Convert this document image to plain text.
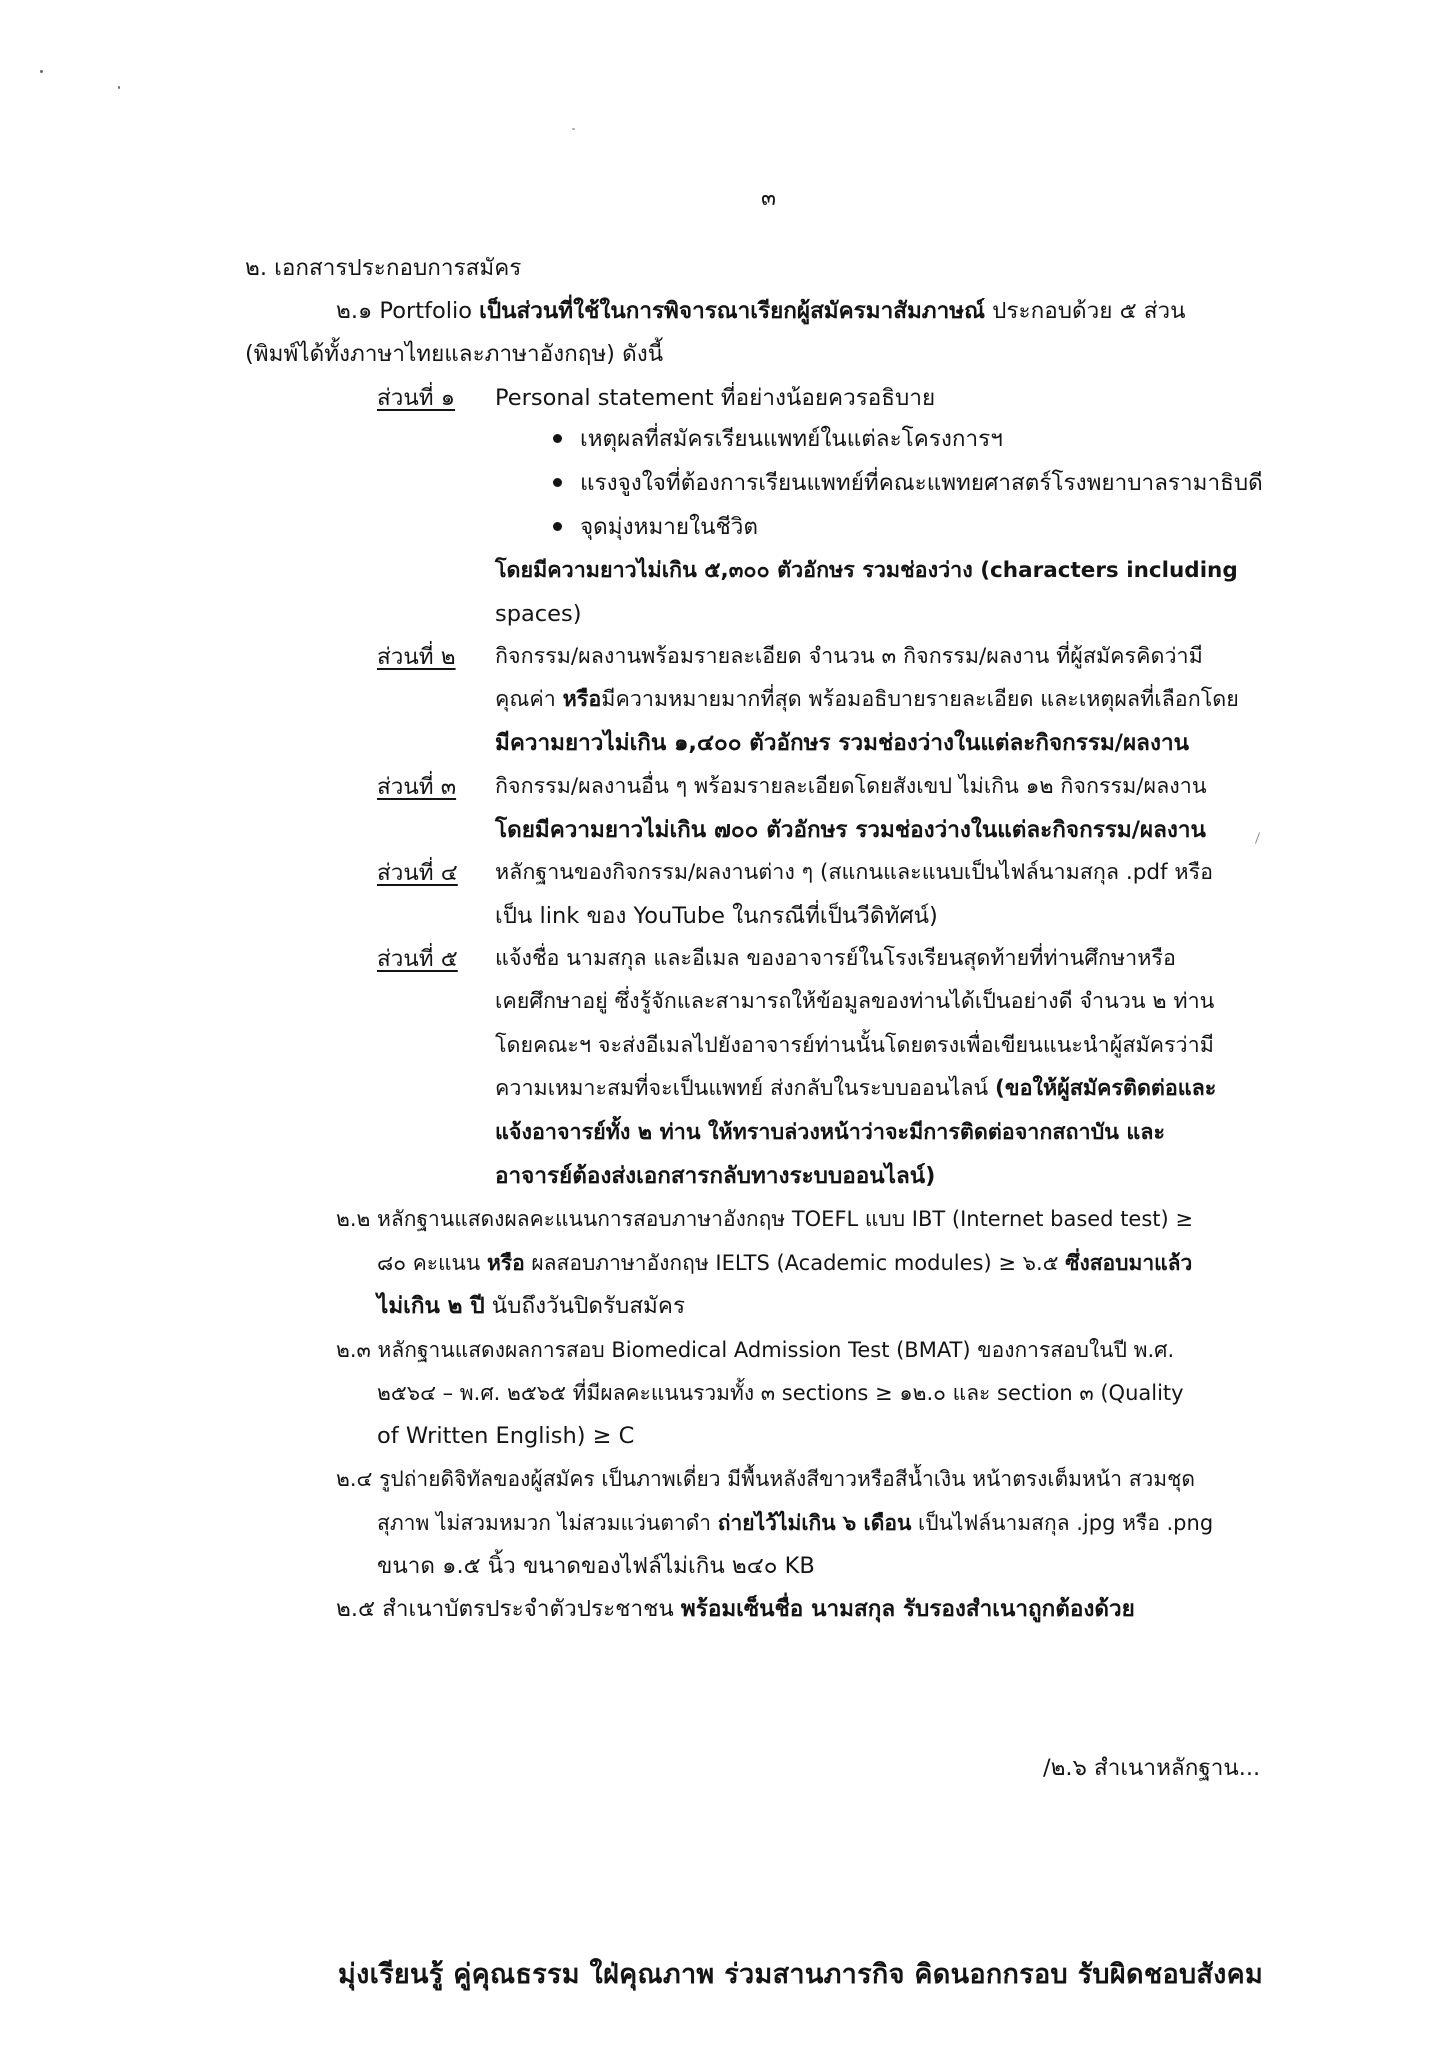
๓
๒. เอกสารประกอบการสมัคร
๒.๑ Portfolio เป็นส่วนที่ใช้ในการพิจารณาเรียกผู้สมัครมาสัมภาษณ์ ประกอบด้วย ๕ ส่วน
(พิมพ์ได้ทั้งภาษาไทยและภาษาอังกฤษ) ดังนี้
ส่วนที่ ๑ Personal statement ที่อย่างน้อยควรอธิบาย
เหตุผลที่สมัครเรียนแพทย์ในแต่ละโครงการฯ
แรงจูงใจที่ต้องการเรียนแพทย์ที่คณะแพทยศาสตร์โรงพยาบาลรามาธิบดี
จุดมุ่งหมายในชีวิต
โดยมีความยาวไม่เกิน ๕,๓๐๐ ตัวอักษร รวมช่องว่าง (characters including
spaces)
ส่วนที่ ๒ กิจกรรม/ผลงานพร้อมรายละเอียด จำนวน ๓ กิจกรรม/ผลงาน ที่ผู้สมัครคิดว่ามี
คุณค่า หรือมีความหมายมากที่สุด พร้อมอธิบายรายละเอียด และเหตุผลที่เลือกโดย
มีความยาวไม่เกิน ๑,๔๐๐ ตัวอักษร รวมช่องว่างในแต่ละกิจกรรม/ผลงาน
ส่วนที่ ๓ กิจกรรม/ผลงานอื่น ๆ พร้อมรายละเอียดโดยสังเขป ไม่เกิน ๑๒ กิจกรรม/ผลงาน
โดยมีความยาวไม่เกิน ๗๐๐ ตัวอักษร รวมช่องว่างในแต่ละกิจกรรม/ผลงาน
ส่วนที่ ๔ หลักฐานของกิจกรรม/ผลงานต่าง ๆ (สแกนและแนบเป็นไฟล์นามสกุล .pdf หรือ
เป็น link ของ YouTube ในกรณีที่เป็นวีดิทัศน์)
ส่วนที่ ๕ แจ้งชื่อ นามสกุล และอีเมล ของอาจารย์ในโรงเรียนสุดท้ายที่ท่านศึกษาหรือ
เคยศึกษาอยู่ ซึ่งรู้จักและสามารถให้ข้อมูลของท่านได้เป็นอย่างดี จำนวน ๒ ท่าน
โดยคณะฯ จะส่งอีเมลไปยังอาจารย์ท่านนั้นโดยตรงเพื่อเขียนแนะนำผู้สมัครว่ามี
ความเหมาะสมที่จะเป็นแพทย์ ส่งกลับในระบบออนไลน์ (ขอให้ผู้สมัครติดต่อและ
แจ้งอาจารย์ทั้ง ๒ ท่าน ให้ทราบล่วงหน้าว่าจะมีการติดต่อจากสถาบัน และ
อาจารย์ต้องส่งเอกสารกลับทางระบบออนไลน์)
๒.๒ หลักฐานแสดงผลคะแนนการสอบภาษาอังกฤษ TOEFL แบบ IBT (Internet based test) ≥
๘๐ คะแนน หรือ ผลสอบภาษาอังกฤษ IELTS (Academic modules) ≥ ๖.๕ ซึ่งสอบมาแล้ว
ไม่เกิน ๒ ปี นับถึงวันปิดรับสมัคร
๒.๓ หลักฐานแสดงผลการสอบ Biomedical Admission Test (BMAT) ของการสอบในปี พ.ศ.
๒๕๖๔ – พ.ศ. ๒๕๖๕ ที่มีผลคะแนนรวมทั้ง ๓ sections ≥ ๑๒.๐ และ section ๓ (Quality
of Written English) ≥ C
๒.๔ รูปถ่ายดิจิทัลของผู้สมัคร เป็นภาพเดี่ยว มีพื้นหลังสีขาวหรือสีน้ำเงิน หน้าตรงเต็มหน้า สวมชุด
สุภาพ ไม่สวมหมวก ไม่สวมแว่นตาดำ ถ่ายไว้ไม่เกิน ๖ เดือน เป็นไฟล์นามสกุล .jpg หรือ .png
ขนาด ๑.๕ นิ้ว ขนาดของไฟล์ไม่เกิน ๒๔๐ KB
๒.๕ สำเนาบัตรประจำตัวประชาชน พร้อมเซ็นชื่อ นามสกุล รับรองสำเนาถูกต้องด้วย
/๒.๖ สำเนาหลักฐาน...
มุ่งเรียนรู้ คู่คุณธรรม ใฝ่คุณภาพ ร่วมสานภารกิจ คิดนอกกรอบ รับผิดชอบสังคม
